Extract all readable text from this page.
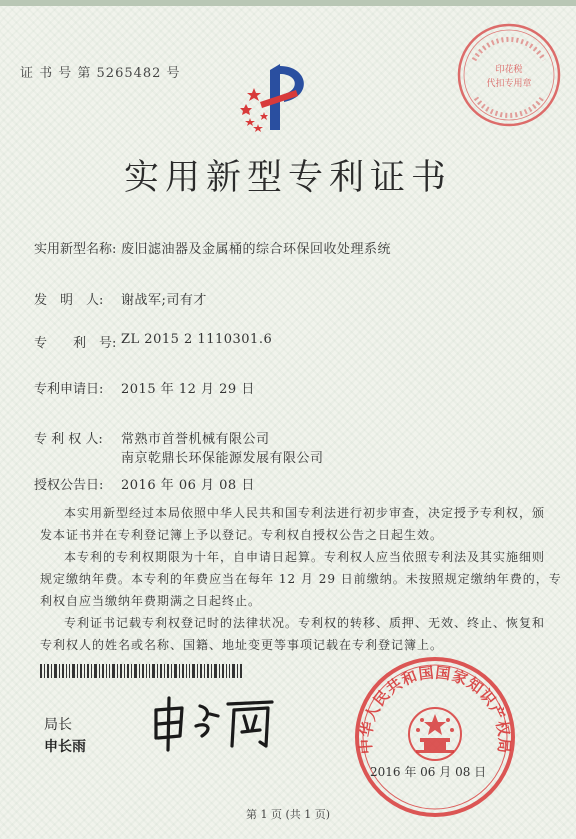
证 书 号 第 5265482 号	印花税
代扣专用章
实用新型专利证书
实用新型名称: 废旧滤油器及金属桶的综合环保回收处理系统
发　明　人: 谢战军;司有才
专　　利　号: ZL 2015 2 1110301.6
专利申请日: 2015 年 12 月 29 日
专 利 权 人: 常熟市首誉机械有限公司
南京乾鼎长环保能源发展有限公司
授权公告日: 2016 年 06 月 08 日
本实用新型经过本局依照中华人民共和国专利法进行初步审查，决定授予专利权，颁
发本证书并在专利登记簿上予以登记。专利权自授权公告之日起生效。
本专利的专利权期限为十年，自申请日起算。专利权人应当依照专利法及其实施细则
规定缴纳年费。本专利的年费应当在每年 12 月 29 日前缴纳。未按照规定缴纳年费的，专
利权自应当缴纳年费期满之日起终止。
专利证书记载专利权登记时的法律状况。专利权的转移、质押、无效、终止、恢复和
专利权人的姓名或名称、国籍、地址变更等事项记载在专利登记簿上。
局长
申长雨	中华人民共和国国家知识产权局
2016 年 06 月 08 日
第 1 页 (共 1 页)
